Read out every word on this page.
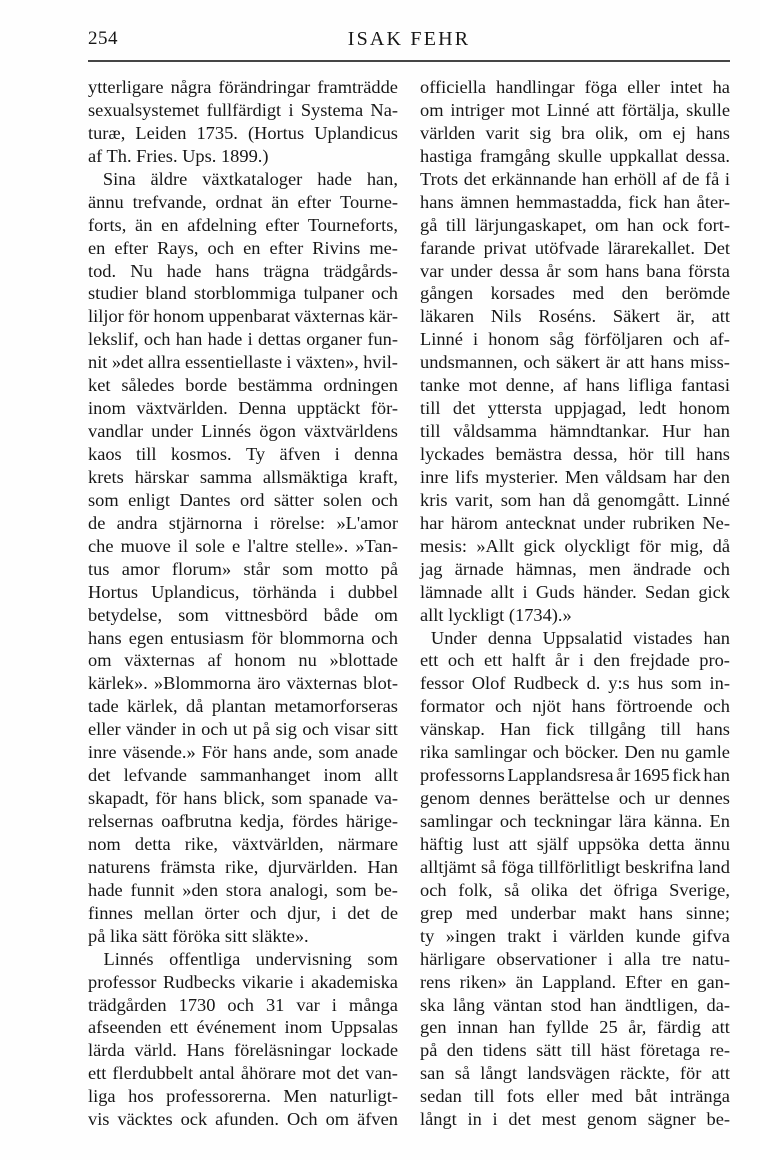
254	ISAK FEHR
ytterligare några förändringar framträdde
sexualsystemet fullfärdigt i Systema Na-
turæ, Leiden 1735. (Hortus Uplandicus
af Th. Fries. Ups. 1899.)
Sina äldre växtkataloger hade han,
ännu trefvande, ordnat än efter Tourne-
forts, än en afdelning efter Tourneforts,
en efter Rays, och en efter Rivins me-
tod. Nu hade hans trägna trädgårds-
studier bland storblommiga tulpaner och
liljor för honom uppenbarat växternas kär-
lekslif, och han hade i dettas organer fun-
nit »det allra essentiellaste i växten», hvil-
ket således borde bestämma ordningen
inom växtvärlden. Denna upptäckt för-
vandlar under Linnés ögon växtvärldens
kaos till kosmos. Ty äfven i denna
krets härskar samma allsmäktiga kraft,
som enligt Dantes ord sätter solen och
de andra stjärnorna i rörelse: »L'amor
che muove il sole e l'altre stelle». »Tan-
tus amor florum» står som motto på
Hortus Uplandicus, törhända i dubbel
betydelse, som vittnesbörd både om
hans egen entusiasm för blommorna och
om växternas af honom nu »blottade
kärlek». »Blommorna äro växternas blot-
tade kärlek, då plantan metamorforseras
eller vänder in och ut på sig och visar sitt
inre väsende.» För hans ande, som anade
det lefvande sammanhanget inom allt
skapadt, för hans blick, som spanade va-
relsernas oafbrutna kedja, fördes härige-
nom detta rike, växtvärlden, närmare
naturens främsta rike, djurvärlden. Han
hade funnit »den stora analogi, som be-
finnes mellan örter och djur, i det de
på lika sätt föröka sitt släkte».
Linnés offentliga undervisning som
professor Rudbecks vikarie i akademiska
trädgården 1730 och 31 var i många
afseenden ett événement inom Uppsalas
lärda värld. Hans föreläsningar lockade
ett flerdubbelt antal åhörare mot det van-
liga hos professorerna. Men naturligt-
vis väcktes ock afunden. Och om äfven
officiella handlingar föga eller intet ha
om intriger mot Linné att förtälja, skulle
världen varit sig bra olik, om ej hans
hastiga framgång skulle uppkallat dessa.
Trots det erkännande han erhöll af de få i
hans ämnen hemmastadda, fick han åter-
gå till lärjungaskapet, om han ock fort-
farande privat utöfvade lärarekallet. Det
var under dessa år som hans bana första
gången korsades med den berömde
läkaren Nils Roséns. Säkert är, att
Linné i honom såg förföljaren och af-
undsmannen, och säkert är att hans miss-
tanke mot denne, af hans lifliga fantasi
till det yttersta uppjagad, ledt honom
till våldsamma hämndtankar. Hur han
lyckades bemästra dessa, hör till hans
inre lifs mysterier. Men våldsam har den
kris varit, som han då genomgått. Linné
har härom antecknat under rubriken Ne-
mesis: »Allt gick olyckligt för mig, då
jag ärnade hämnas, men ändrade och
lämnade allt i Guds händer. Sedan gick
allt lyckligt (1734).»
Under denna Uppsalatid vistades han
ett och ett halft år i den frejdade pro-
fessor Olof Rudbeck d. y:s hus som in-
formator och njöt hans förtroende och
vänskap. Han fick tillgång till hans
rika samlingar och böcker. Den nu gamle
professorns Lapplandsresa år 1695 fick han
genom dennes berättelse och ur dennes
samlingar och teckningar lära känna. En
häftig lust att själf uppsöka detta ännu
alltjämt så föga tillförlitligt beskrifna land
och folk, så olika det öfriga Sverige,
grep med underbar makt hans sinne;
ty »ingen trakt i världen kunde gifva
härligare observationer i alla tre natu-
rens riken» än Lappland. Efter en gan-
ska lång väntan stod han ändtligen, da-
gen innan han fyllde 25 år, färdig att
på den tidens sätt till häst företaga re-
san så långt landsvägen räckte, för att
sedan till fots eller med båt intränga
långt in i det mest genom sägner be-
